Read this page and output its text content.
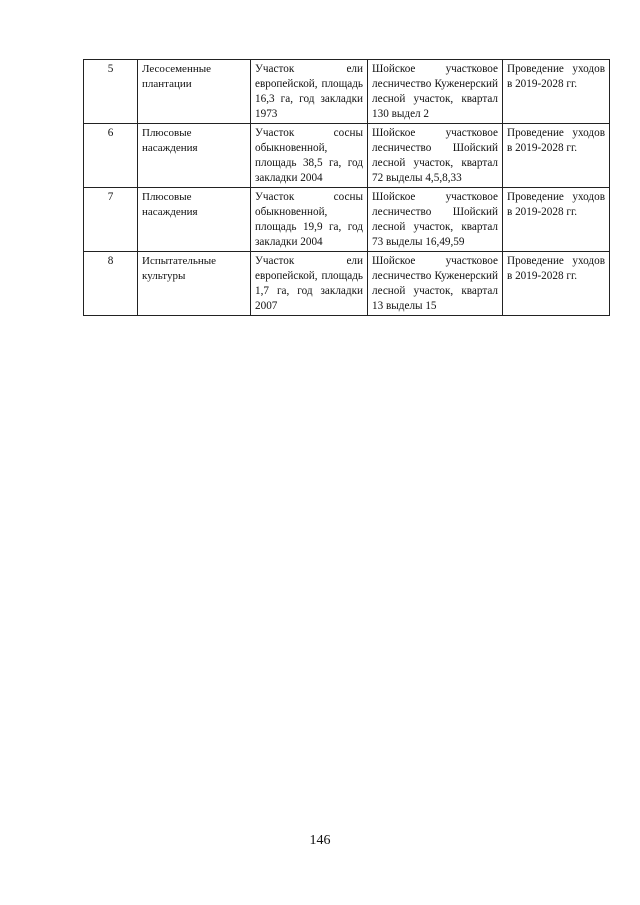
5	Лесосеменные плантации	Участок ели европейской, площадь 16,3 га, год закладки 1973	Шойское участковое лесничество Куженерский лесной участок, квартал 130 выдел 2	Проведение уходов в 2019-2028 гг.
6	Плюсовые насаждения	Участок сосны обыкновенной, площадь 38,5 га, год закладки 2004	Шойское участковое лесничество Шойский лесной участок, квартал 72 выделы 4,5,8,33	Проведение уходов в 2019-2028 гг.
7	Плюсовые насаждения	Участок сосны обыкновенной, площадь 19,9 га, год закладки 2004	Шойское участковое лесничество Шойский лесной участок, квартал 73 выделы 16,49,59	Проведение уходов в 2019-2028 гг.
8	Испытательные культуры	Участок ели европейской, площадь 1,7 га, год закладки 2007	Шойское участковое лесничество Куженерский лесной участок, квартал 13 выделы 15	Проведение уходов в 2019-2028 гг.
146
